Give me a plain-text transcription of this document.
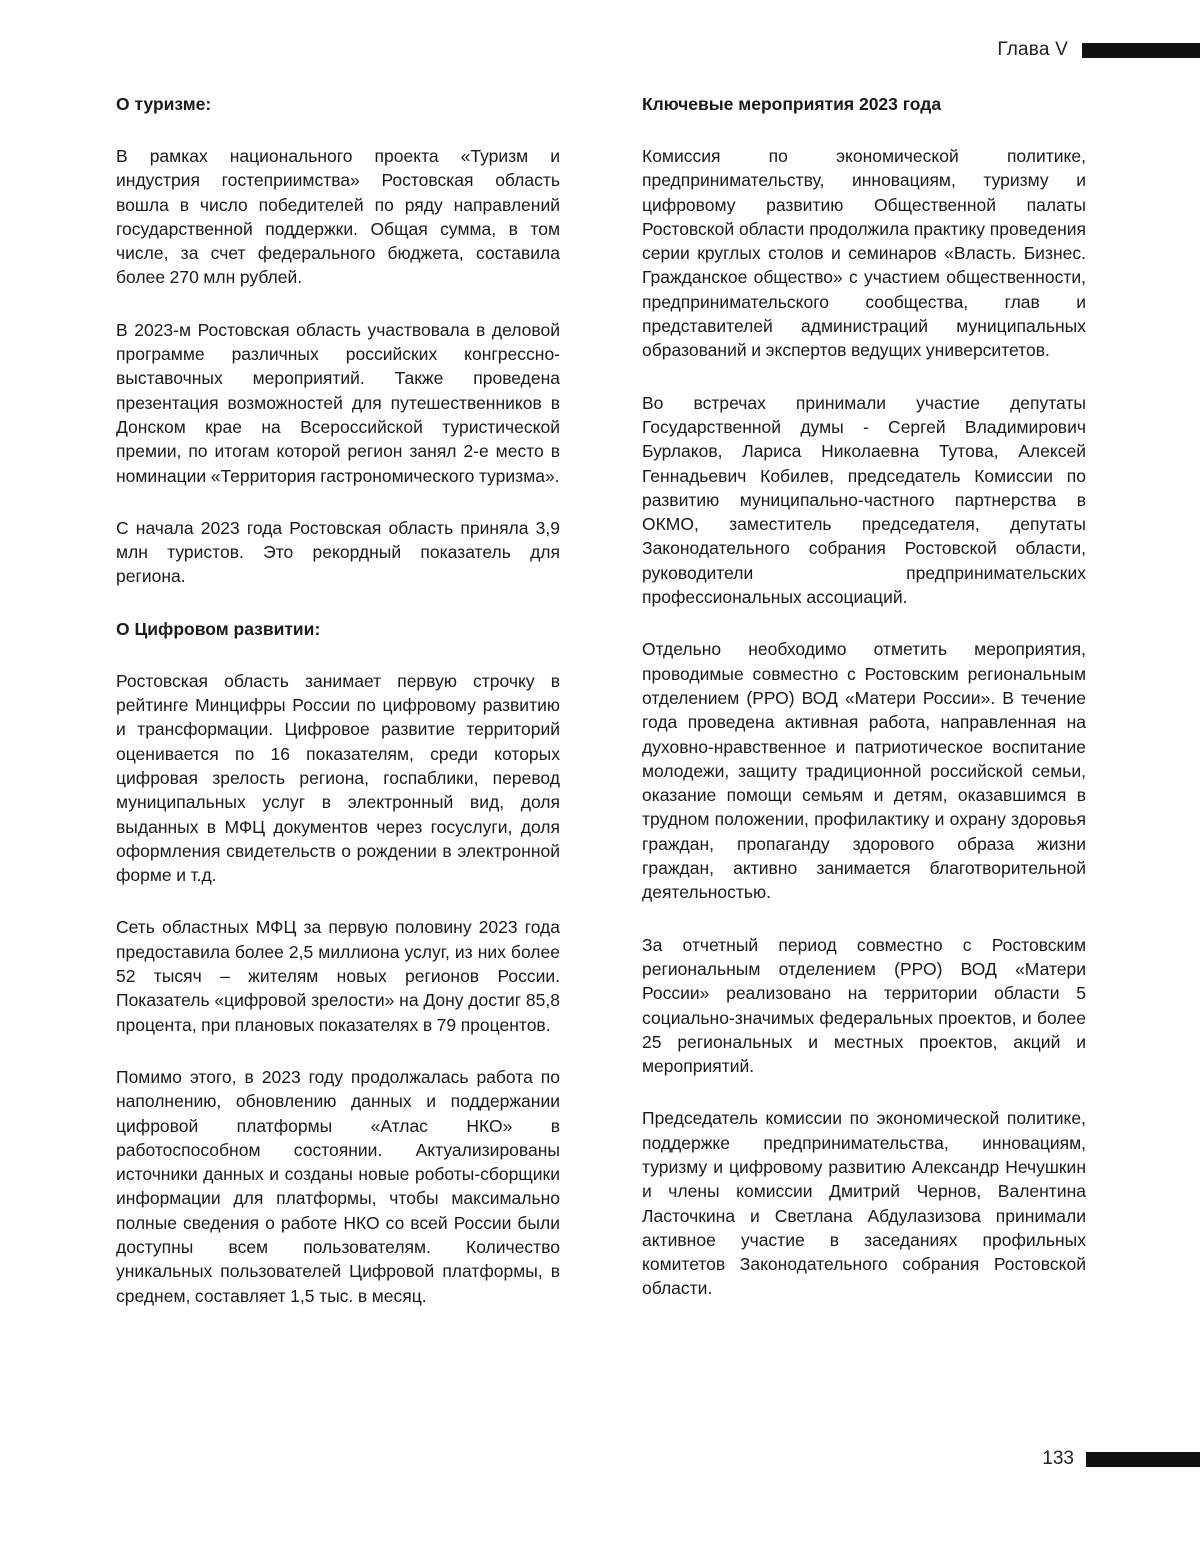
Глава V
О туризме:

В рамках национального проекта «Туризм и индустрия гостеприимства» Ростовская область вошла в число победителей по ряду направлений государственной поддержки. Общая сумма, в том числе, за счет федерального бюджета, составила более 270 млн рублей.

В 2023-м Ростовская область участвовала в деловой программе различных российских конгрессно-выставочных мероприятий. Также проведена презентация возможностей для путешественников в Донском крае на Всероссийской туристической премии, по итогам которой регион занял 2-е место в номинации «Территория гастрономического туризма».

С начала 2023 года Ростовская область приняла 3,9 млн туристов. Это рекордный показатель для региона.

О Цифровом развитии:

Ростовская область занимает первую строчку в рейтинге Минцифры России по цифровому развитию и трансформации. Цифровое развитие территорий оценивается по 16 показателям, среди которых цифровая зрелость региона, госпаблики, перевод муниципальных услуг в электронный вид, доля выданных в МФЦ документов через госуслуги, доля оформления свидетельств о рождении в электронной форме и т.д.

Сеть областных МФЦ за первую половину 2023 года предоставила более 2,5 миллиона услуг, из них более 52 тысяч – жителям новых регионов России. Показатель «цифровой зрелости» на Дону достиг 85,8 процента, при плановых показателях в 79 процентов.

Помимо этого, в 2023 году продолжалась работа по наполнению, обновлению данных и поддержании цифровой платформы «Атлас НКО» в работоспособном состоянии. Актуализированы источники данных и созданы новые роботы-сборщики информации для платформы, чтобы максимально полные сведения о работе НКО со всей России были доступны всем пользователям. Количество уникальных пользователей Цифровой платформы, в среднем, составляет 1,5 тыс. в месяц.

Ключевые мероприятия 2023 года

Комиссия по экономической политике, предпринимательству, инновациям, туризму и цифровому развитию Общественной палаты Ростовской области продолжила практику проведения серии круглых столов и семинаров «Власть. Бизнес. Гражданское общество» с участием общественности, предпринимательского сообщества, глав и представителей администраций муниципальных образований и экспертов ведущих университетов.

Во встречах принимали участие депутаты Государственной думы - Сергей Владимирович Бурлаков, Лариса Николаевна Тутова, Алексей Геннадьевич Кобилев, председатель Комиссии по развитию муниципально-частного партнерства в ОКМО, заместитель председателя, депутаты Законодательного собрания Ростовской области, руководители предпринимательских профессиональных ассоциаций.

Отдельно необходимо отметить мероприятия, проводимые совместно с Ростовским региональным отделением (РРО) ВОД «Матери России». В течение года проведена активная работа, направленная на духовно-нравственное и патриотическое воспитание молодежи, защиту традиционной российской семьи, оказание помощи семьям и детям, оказавшимся в трудном положении, профилактику и охрану здоровья граждан, пропаганду здорового образа жизни граждан, активно занимается благотворительной деятельностью.

За отчетный период совместно с Ростовским региональным отделением (РРО) ВОД «Матери России» реализовано на территории области 5 социально-значимых федеральных проектов, и более 25 региональных и местных проектов, акций и мероприятий.

Председатель комиссии по экономической политике, поддержке предпринимательства, инновациям, туризму и цифровому развитию Александр Нечушкин и члены комиссии Дмитрий Чернов, Валентина Ласточкина и Светлана Абдулазизова принимали активное участие в заседаниях профильных комитетов Законодательного собрания Ростовской области.

133
